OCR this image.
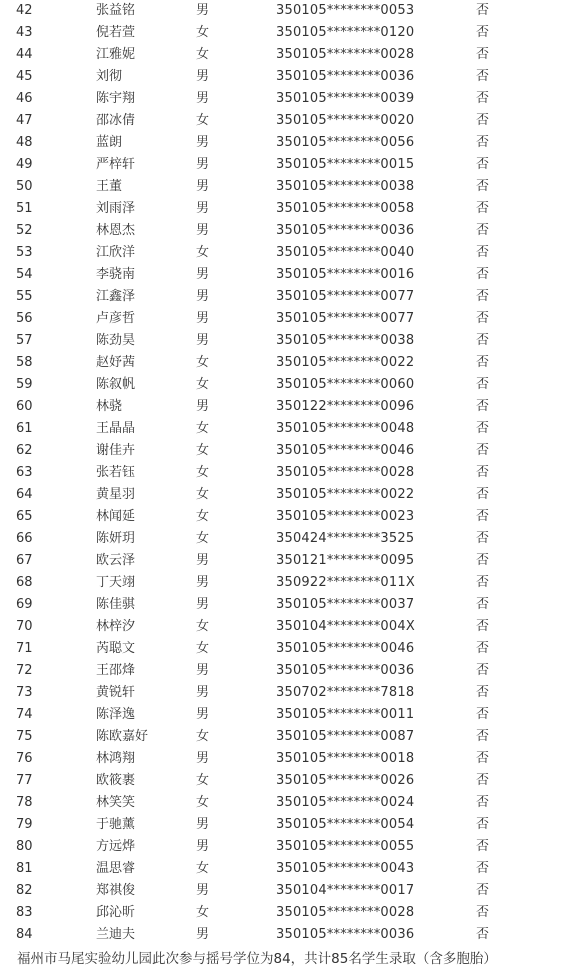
42	张益铭	男	350105********0053	否
43	倪若萱	女	350105********0120	否
44	江雅妮	女	350105********0028	否
45	刘彻	男	350105********0036	否
46	陈宇翔	男	350105********0039	否
47	邵冰倩	女	350105********0020	否
48	蓝朗	男	350105********0056	否
49	严梓轩	男	350105********0015	否
50	王董	男	350105********0038	否
51	刘雨泽	男	350105********0058	否
52	林恩杰	男	350105********0036	否
53	江欣洋	女	350105********0040	否
54	李骁南	男	350105********0016	否
55	江鑫泽	男	350105********0077	否
56	卢彦哲	男	350105********0077	否
57	陈劲昊	男	350105********0038	否
58	赵妤茜	女	350105********0022	否
59	陈叙帆	女	350105********0060	否
60	林骁	男	350122********0096	否
61	王晶晶	女	350105********0048	否
62	谢佳卉	女	350105********0046	否
63	张若钰	女	350105********0028	否
64	黄星羽	女	350105********0022	否
65	林闻延	女	350105********0023	否
66	陈妍玥	女	350424********3525	否
67	欧云泽	男	350121********0095	否
68	丁天翊	男	350922********011X	否
69	陈佳骐	男	350105********0037	否
70	林梓汐	女	350104********004X	否
71	芮聪文	女	350105********0046	否
72	王邵烽	男	350105********0036	否
73	黄锐轩	男	350702********7818	否
74	陈泽逸	男	350105********0011	否
75	陈欧嘉好	女	350105********0087	否
76	林鸿翔	男	350105********0018	否
77	欧筱裹	女	350105********0026	否
78	林笑笑	女	350105********0024	否
79	于驰薰	男	350105********0054	否
80	方远烨	男	350105********0055	否
81	温思睿	女	350105********0043	否
82	郑祺俊	男	350104********0017	否
83	邱沁昕	女	350105********0028	否
84	兰迪夫	男	350105********0036	否
福州市马尾实验幼儿园此次参与摇号学位为84，共计85名学生录取（含多胞胎）
